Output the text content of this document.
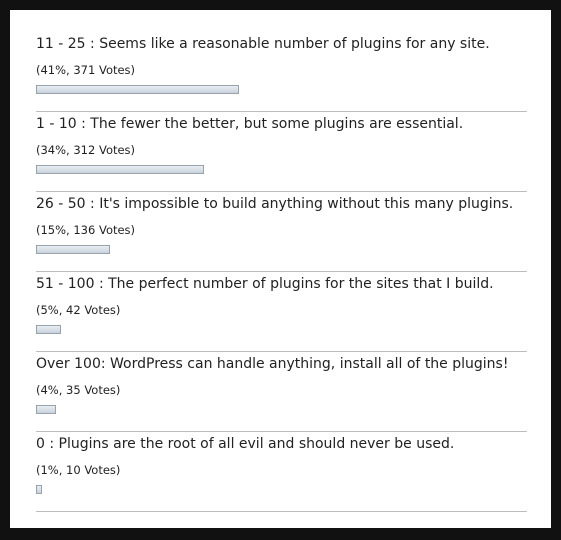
11 - 25 : Seems like a reasonable number of plugins for any site.
(41%, 371 Votes)
1 - 10 : The fewer the better, but some plugins are essential.
(34%, 312 Votes)
26 - 50 : It's impossible to build anything without this many plugins.
(15%, 136 Votes)
51 - 100 : The perfect number of plugins for the sites that I build.
(5%, 42 Votes)
Over 100: WordPress can handle anything, install all of the plugins!
(4%, 35 Votes)
0 : Plugins are the root of all evil and should never be used.
(1%, 10 Votes)
